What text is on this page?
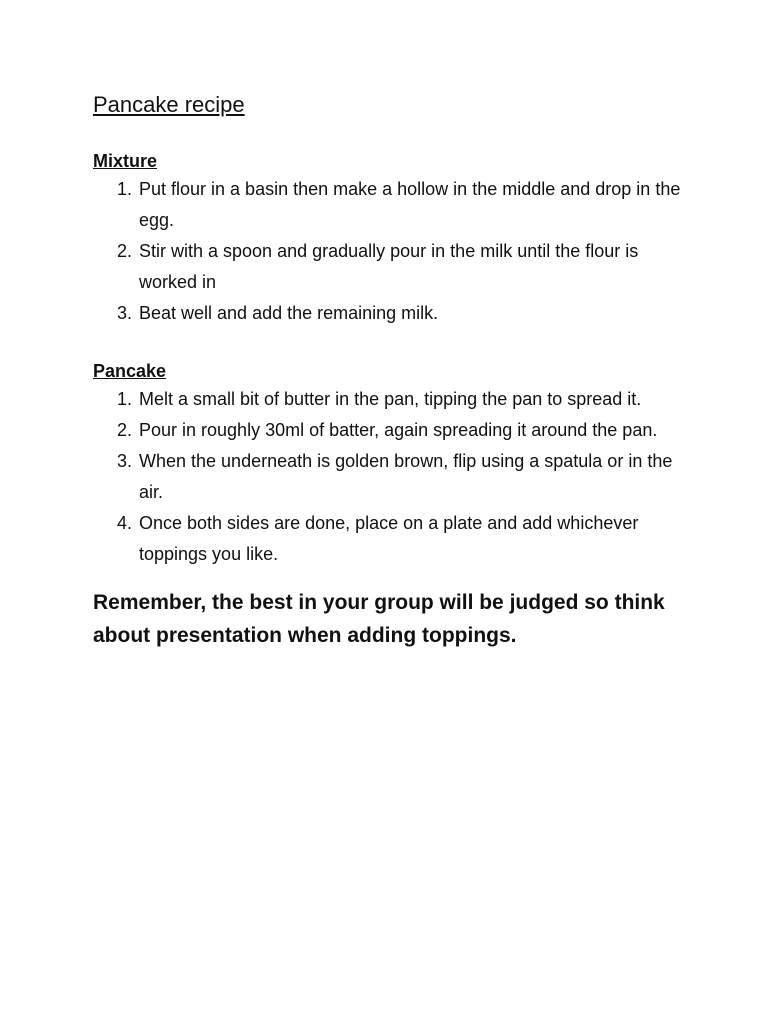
Pancake recipe
Mixture
1. Put flour in a basin then make a hollow in the middle and drop in the egg.
2. Stir with a spoon and gradually pour in the milk until the flour is worked in
3. Beat well and add the remaining milk.
Pancake
1. Melt a small bit of butter in the pan, tipping the pan to spread it.
2. Pour in roughly 30ml of batter, again spreading it around the pan.
3. When the underneath is golden brown, flip using a spatula or in the air.
4. Once both sides are done, place on a plate and add whichever toppings you like.

Remember, the best in your group will be judged so think about presentation when adding toppings.
